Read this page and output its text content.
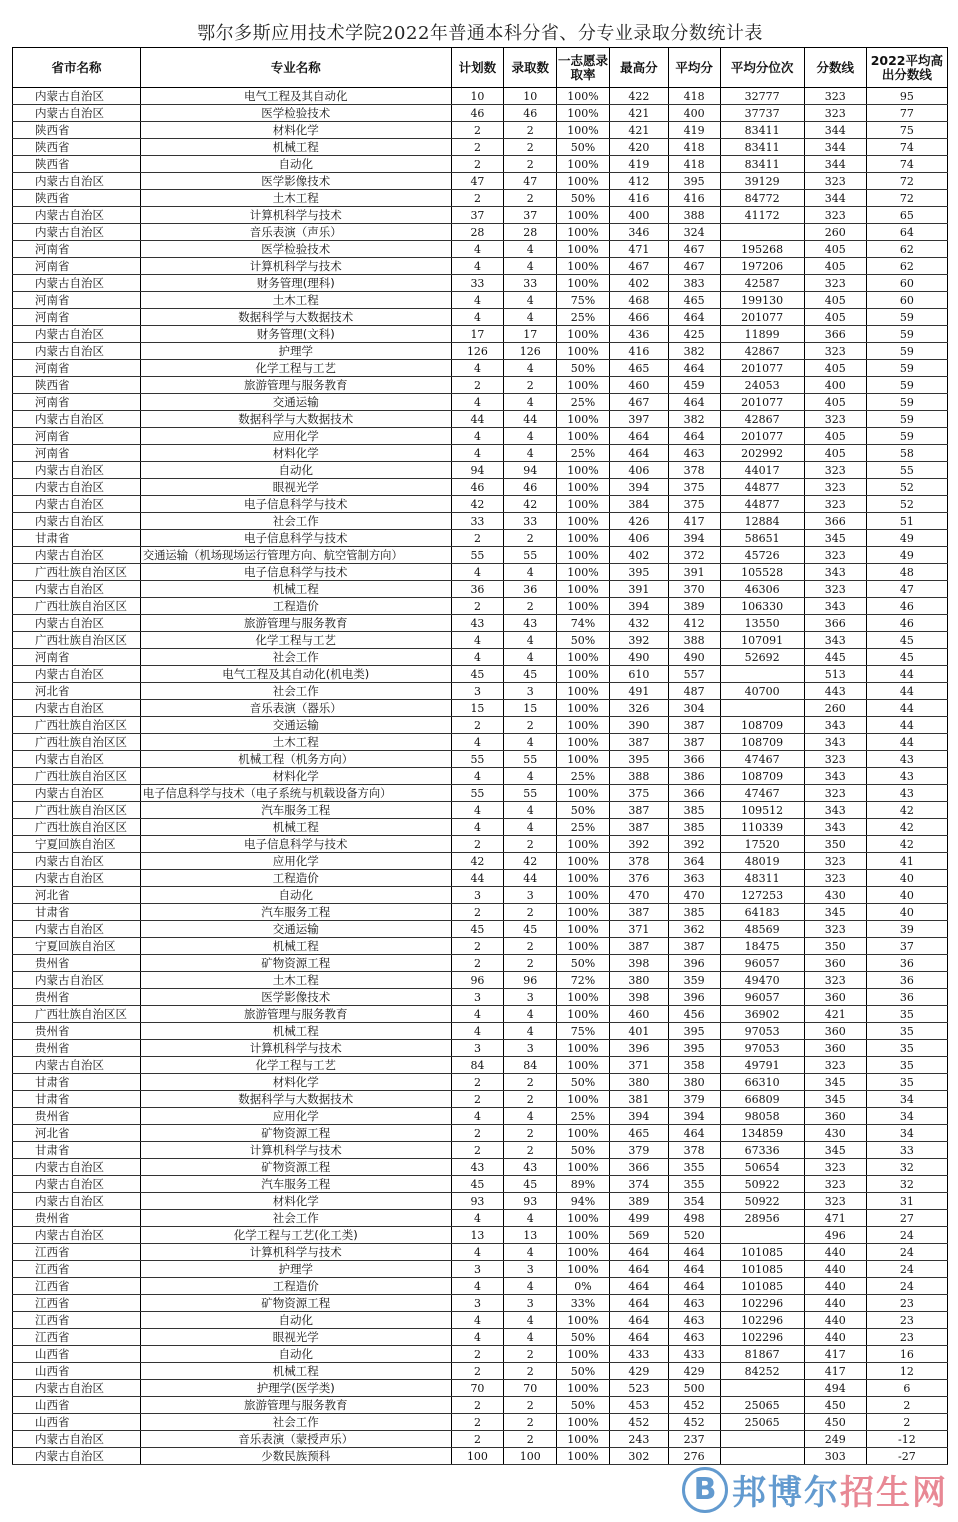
鄂尔多斯应用技术学院2022年普通本科分省、分专业录取分数统计表
省市名称	专业名称	计划数	录取数	一志愿录取率	最高分	平均分	平均分位次	分数线	2022平均高出分数线
内蒙古自治区	电气工程及其自动化	10	10	100%	422	418	32777	323	95
内蒙古自治区	医学检验技术	46	46	100%	421	400	37737	323	77
陕西省	材料化学	2	2	100%	421	419	83411	344	75
陕西省	机械工程	2	2	50%	420	418	83411	344	74
陕西省	自动化	2	2	100%	419	418	83411	344	74
内蒙古自治区	医学影像技术	47	47	100%	412	395	39129	323	72
陕西省	土木工程	2	2	50%	416	416	84772	344	72
内蒙古自治区	计算机科学与技术	37	37	100%	400	388	41172	323	65
内蒙古自治区	音乐表演（声乐）	28	28	100%	346	324		260	64
河南省	医学检验技术	4	4	100%	471	467	195268	405	62
河南省	计算机科学与技术	4	4	100%	467	467	197206	405	62
内蒙古自治区	财务管理(理科)	33	33	100%	402	383	42587	323	60
河南省	土木工程	4	4	75%	468	465	199130	405	60
河南省	数据科学与大数据技术	4	4	25%	466	464	201077	405	59
内蒙古自治区	财务管理(文科)	17	17	100%	436	425	11899	366	59
内蒙古自治区	护理学	126	126	100%	416	382	42867	323	59
河南省	化学工程与工艺	4	4	50%	465	464	201077	405	59
陕西省	旅游管理与服务教育	2	2	100%	460	459	24053	400	59
河南省	交通运输	4	4	25%	467	464	201077	405	59
内蒙古自治区	数据科学与大数据技术	44	44	100%	397	382	42867	323	59
河南省	应用化学	4	4	100%	464	464	201077	405	59
河南省	材料化学	4	4	25%	464	463	202992	405	58
内蒙古自治区	自动化	94	94	100%	406	378	44017	323	55
内蒙古自治区	眼视光学	46	46	100%	394	375	44877	323	52
内蒙古自治区	电子信息科学与技术	42	42	100%	384	375	44877	323	52
内蒙古自治区	社会工作	33	33	100%	426	417	12884	366	51
甘肃省	电子信息科学与技术	2	2	100%	406	394	58651	345	49
内蒙古自治区	交通运输（机场现场运行管理方向、航空管制方向）	55	55	100%	402	372	45726	323	49
广西壮族自治区区	电子信息科学与技术	4	4	100%	395	391	105528	343	48
内蒙古自治区	机械工程	36	36	100%	391	370	46306	323	47
广西壮族自治区区	工程造价	2	2	100%	394	389	106330	343	46
内蒙古自治区	旅游管理与服务教育	43	43	74%	432	412	13550	366	46
广西壮族自治区区	化学工程与工艺	4	4	50%	392	388	107091	343	45
河南省	社会工作	4	4	100%	490	490	52692	445	45
内蒙古自治区	电气工程及其自动化(机电类)	45	45	100%	610	557		513	44
河北省	社会工作	3	3	100%	491	487	40700	443	44
内蒙古自治区	音乐表演（器乐）	15	15	100%	326	304		260	44
广西壮族自治区区	交通运输	2	2	100%	390	387	108709	343	44
广西壮族自治区区	土木工程	4	4	100%	387	387	108709	343	44
内蒙古自治区	机械工程（机务方向）	55	55	100%	395	366	47467	323	43
广西壮族自治区区	材料化学	4	4	25%	388	386	108709	343	43
内蒙古自治区	电子信息科学与技术（电子系统与机载设备方向）	55	55	100%	375	366	47467	323	43
广西壮族自治区区	汽车服务工程	4	4	50%	387	385	109512	343	42
广西壮族自治区区	机械工程	4	4	25%	387	385	110339	343	42
宁夏回族自治区	电子信息科学与技术	2	2	100%	392	392	17520	350	42
内蒙古自治区	应用化学	42	42	100%	378	364	48019	323	41
内蒙古自治区	工程造价	44	44	100%	376	363	48311	323	40
河北省	自动化	3	3	100%	470	470	127253	430	40
甘肃省	汽车服务工程	2	2	100%	387	385	64183	345	40
内蒙古自治区	交通运输	45	45	100%	371	362	48569	323	39
宁夏回族自治区	机械工程	2	2	100%	387	387	18475	350	37
贵州省	矿物资源工程	2	2	50%	398	396	96057	360	36
内蒙古自治区	土木工程	96	96	72%	380	359	49470	323	36
贵州省	医学影像技术	3	3	100%	398	396	96057	360	36
广西壮族自治区区	旅游管理与服务教育	4	4	100%	460	456	36902	421	35
贵州省	机械工程	4	4	75%	401	395	97053	360	35
贵州省	计算机科学与技术	3	3	100%	396	395	97053	360	35
内蒙古自治区	化学工程与工艺	84	84	100%	371	358	49791	323	35
甘肃省	材料化学	2	2	50%	380	380	66310	345	35
甘肃省	数据科学与大数据技术	2	2	100%	381	379	66809	345	34
贵州省	应用化学	4	4	25%	394	394	98058	360	34
河北省	矿物资源工程	2	2	100%	465	464	134859	430	34
甘肃省	计算机科学与技术	2	2	50%	379	378	67336	345	33
内蒙古自治区	矿物资源工程	43	43	100%	366	355	50654	323	32
内蒙古自治区	汽车服务工程	45	45	89%	374	355	50922	323	32
内蒙古自治区	材料化学	93	93	94%	389	354	50922	323	31
贵州省	社会工作	4	4	100%	499	498	28956	471	27
内蒙古自治区	化学工程与工艺(化工类)	13	13	100%	569	520		496	24
江西省	计算机科学与技术	4	4	100%	464	464	101085	440	24
江西省	护理学	3	3	100%	464	464	101085	440	24
江西省	工程造价	4	4	0%	464	464	101085	440	24
江西省	矿物资源工程	3	3	33%	464	463	102296	440	23
江西省	自动化	4	4	100%	464	463	102296	440	23
江西省	眼视光学	4	4	50%	464	463	102296	440	23
山西省	自动化	2	2	100%	433	433	81867	417	16
山西省	机械工程	2	2	50%	429	429	84252	417	12
内蒙古自治区	护理学(医学类)	70	70	100%	523	500		494	6
山西省	旅游管理与服务教育	2	2	50%	453	452	25065	450	2
山西省	社会工作	2	2	100%	452	452	25065	450	2
内蒙古自治区	音乐表演（蒙授声乐）	2	2	100%	243	237		249	-12
内蒙古自治区	少数民族预科	100	100	100%	302	276		303	-27
B 邦博尔招生网
